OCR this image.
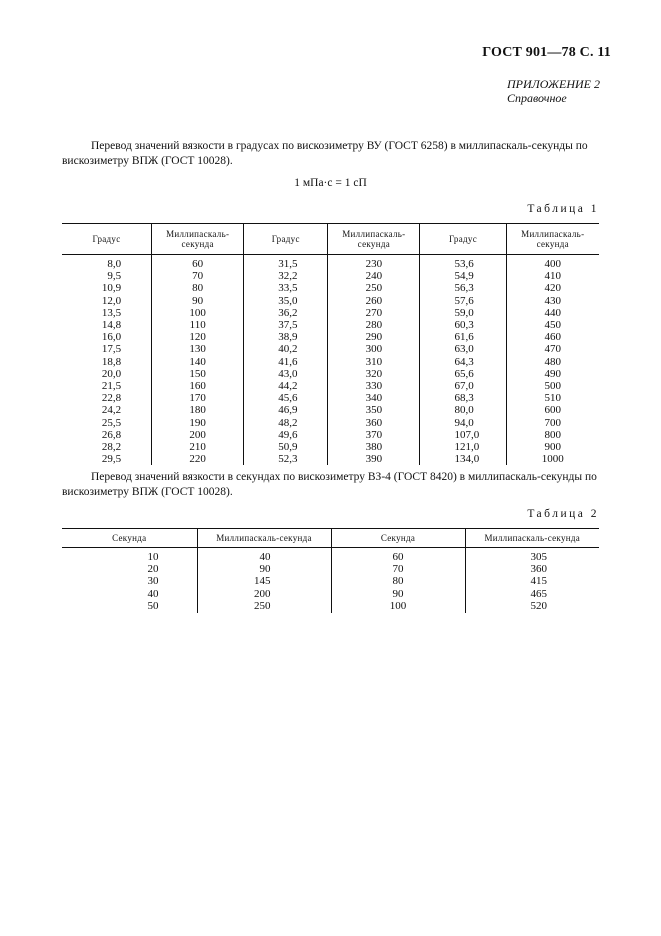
ГОСТ 901—78 С. 11
ПРИЛОЖЕНИЕ 2
Справочное
Перевод значений вязкости в градусах по вискозиметру ВУ (ГОСТ 6258) в миллипаскаль-секунды по
вискозиметру ВПЖ (ГОСТ 10028).
1 мПа·с = 1 сП
Таблица 1
Градус	Миллипаскаль-секунда	Градус	Миллипаскаль-секунда	Градус	Миллипаскаль-секунда
8,0	60	31,5	230	53,6	400
9,5	70	32,2	240	54,9	410
10,9	80	33,5	250	56,3	420
12,0	90	35,0	260	57,6	430
13,5	100	36,2	270	59,0	440
14,8	110	37,5	280	60,3	450
16,0	120	38,9	290	61,6	460
17,5	130	40,2	300	63,0	470
18,8	140	41,6	310	64,3	480
20,0	150	43,0	320	65,6	490
21,5	160	44,2	330	67,0	500
22,8	170	45,6	340	68,3	510
24,2	180	46,9	350	80,0	600
25,5	190	48,2	360	94,0	700
26,8	200	49,6	370	107,0	800
28,2	210	50,9	380	121,0	900
29,5	220	52,3	390	134,0	1000
Перевод значений вязкости в секундах по вискозиметру ВЗ-4 (ГОСТ 8420) в миллипаскаль-секунды по
вискозиметру ВПЖ (ГОСТ 10028).
Таблица 2
Секунда	Миллипаскаль-секунда	Секунда	Миллипаскаль-секунда
10	40	60	305
20	90	70	360
30	145	80	415
40	200	90	465
50	250	100	520
